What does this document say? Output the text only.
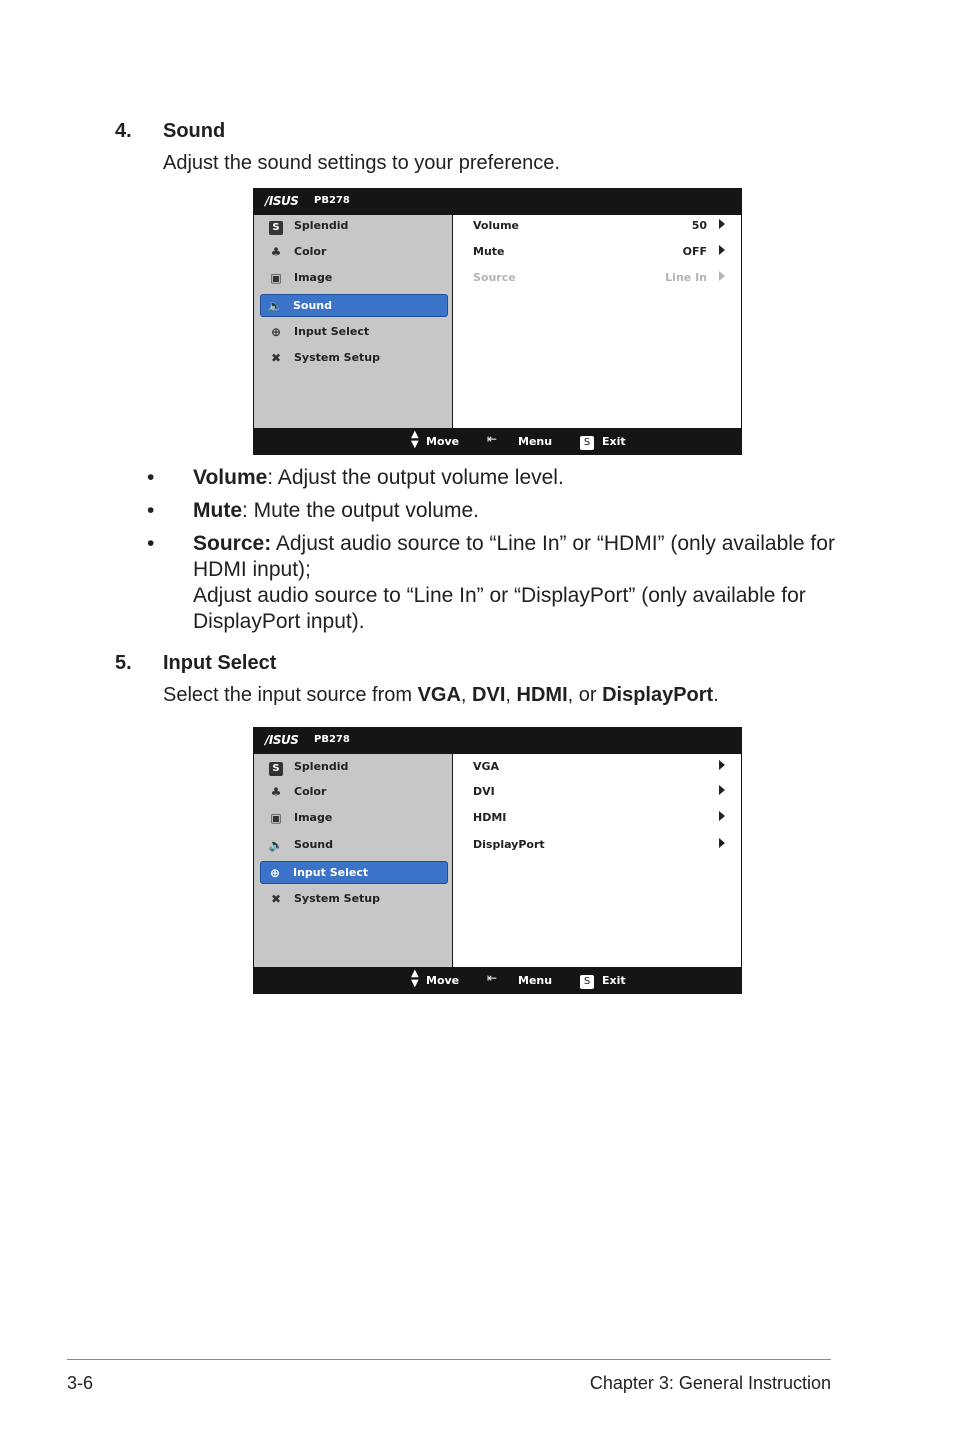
4. Sound
Adjust the sound settings to your preference.
/ISUS PB278
S	Splendid
♣ Color
▣ Image
🔈 Sound
⊕ Input Select
✖ System Setup
Volume	50
Mute	OFF
Source	Line In
▲
▼ Move ⇤ Menu	S	Exit
• Volume: Adjust the output volume level.
• Mute: Mute the output volume.
• Source: Adjust audio source to “Line In” or “HDMI” (only available for HDMI input);
Adjust audio source to “Line In” or “DisplayPort” (only available for DisplayPort input).
5. Input Select
Select the input source from VGA, DVI, HDMI, or DisplayPort.
/ISUS PB278
S	Splendid
♣ Color
▣ Image
🔈 Sound
⊕ Input Select
✖ System Setup
VGA
DVI
HDMI
DisplayPort
▲
▼ Move ⇤ Menu	S	Exit
3-6	Chapter 3: General Instruction
